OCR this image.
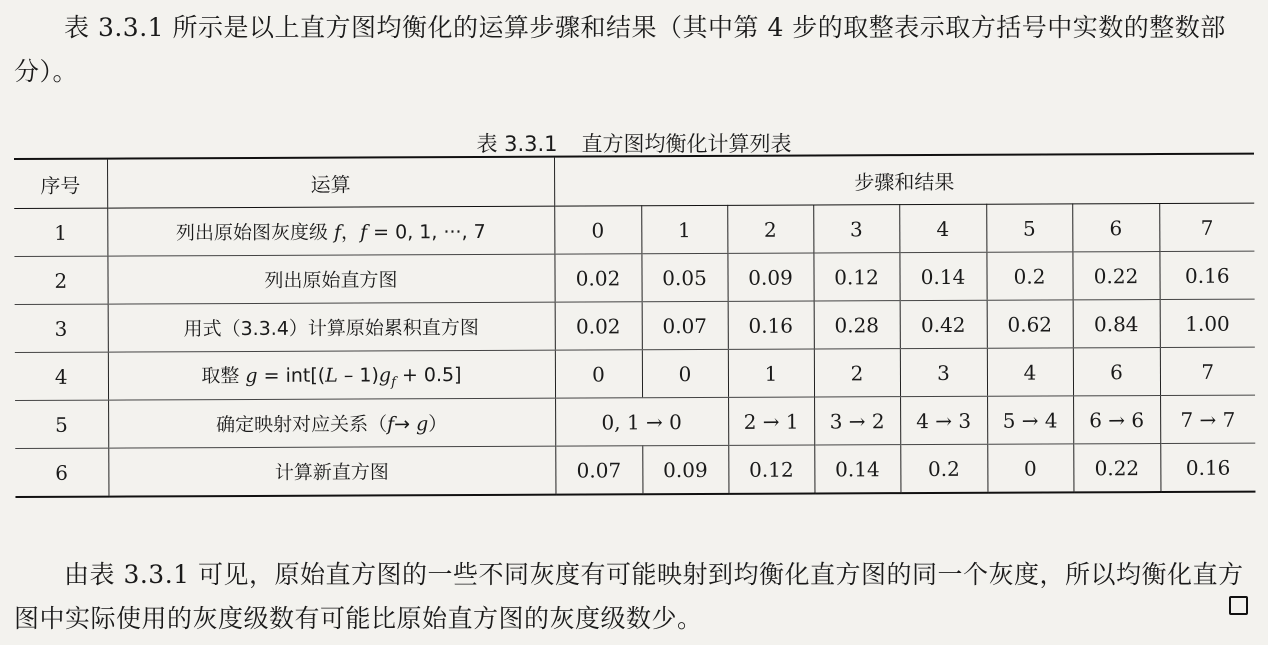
表 3.3.1 所示是以上直方图均衡化的运算步骤和结果（其中第 4 步的取整表示取方括号中实数的整数部分）。
表 3.3.1 直方图均衡化计算列表
序号	运算	步骤和结果							
1	列出原始图灰度级 f，f = 0, 1, ···, 7	0	1	2	3	4	5	6	7
2	列出原始直方图	0.02	0.05	0.09	0.12	0.14	0.2	0.22	0.16
3	用式（3.3.4）计算原始累积直方图	0.02	0.07	0.16	0.28	0.42	0.62	0.84	1.00
4	取整 $g = int[(L - 1)g_f + 0.5]$	0	0	1	2	3	4	6	7
5	确定映射对应关系（f→ g）	0, 1 → 0		2 → 1	3 → 2	4 → 3	5 → 4	6 → 6	7 → 7
6	计算新直方图	0.07	0.09	0.12	0.14	0.2	0	0.22	0.16
由表 3.3.1 可见，原始直方图的一些不同灰度有可能映射到均衡化直方图的同一个灰度，所以均衡化直方图中实际使用的灰度级数有可能比原始直方图的灰度级数少。
